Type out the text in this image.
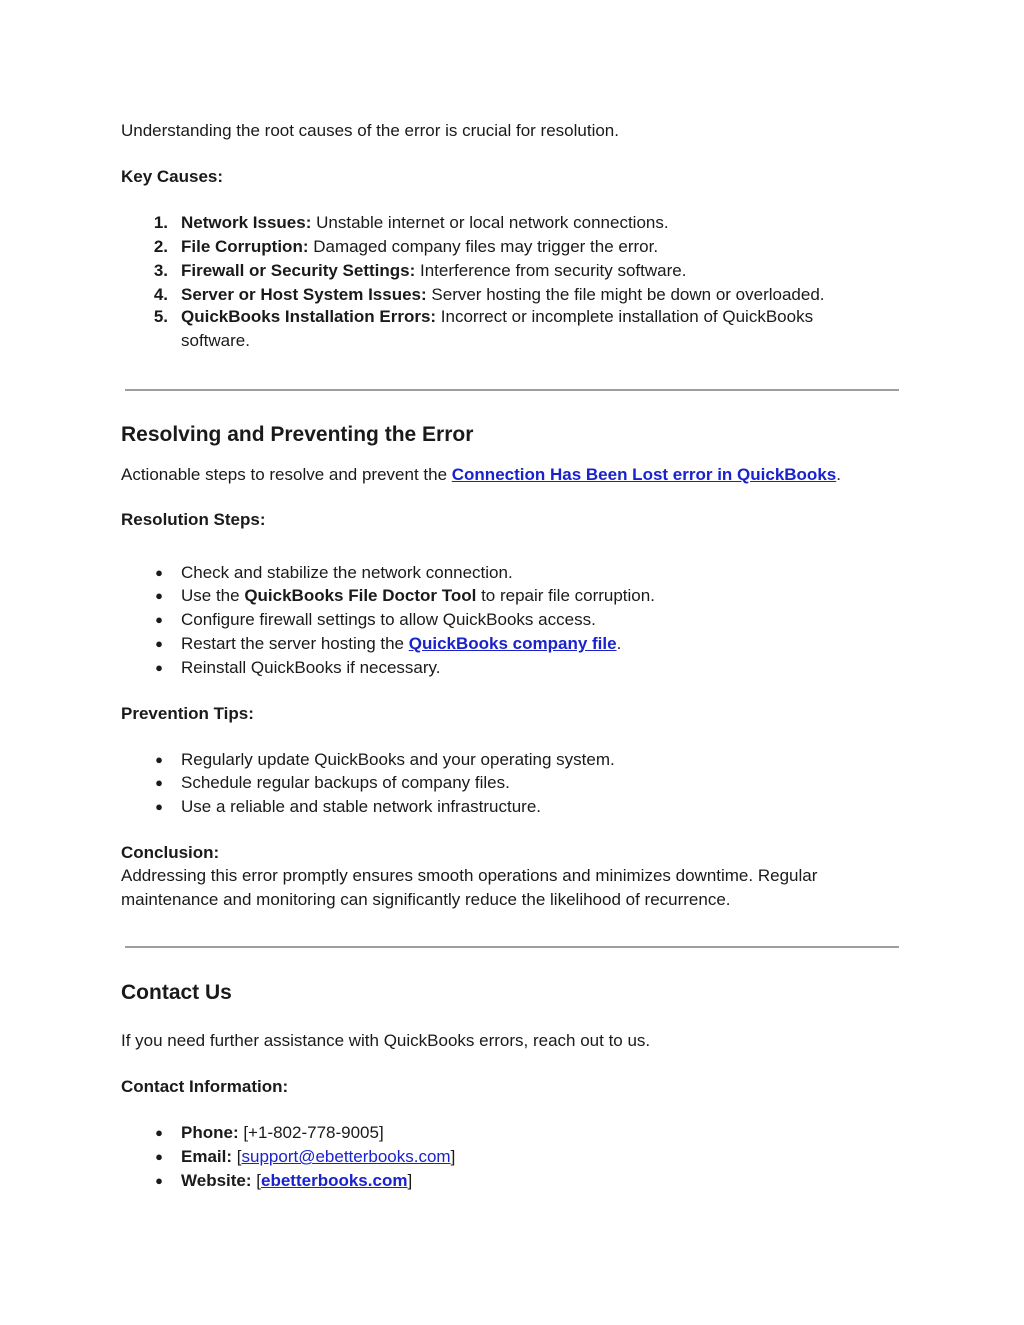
Understanding the root causes of the error is crucial for resolution.
Key Causes:
1. Network Issues: Unstable internet or local network connections.
2. File Corruption: Damaged company files may trigger the error.
3. Firewall or Security Settings: Interference from security software.
4. Server or Host System Issues: Server hosting the file might be down or overloaded.
5. QuickBooks Installation Errors: Incorrect or incomplete installation of QuickBooks
software.
Resolving and Preventing the Error
Actionable steps to resolve and prevent the Connection Has Been Lost error in QuickBooks.
Resolution Steps:
● Check and stabilize the network connection.
● Use the QuickBooks File Doctor Tool to repair file corruption.
● Configure firewall settings to allow QuickBooks access.
● Restart the server hosting the QuickBooks company file.
● Reinstall QuickBooks if necessary.
Prevention Tips:
● Regularly update QuickBooks and your operating system.
● Schedule regular backups of company files.
● Use a reliable and stable network infrastructure.
Conclusion:
Addressing this error promptly ensures smooth operations and minimizes downtime. Regular
maintenance and monitoring can significantly reduce the likelihood of recurrence.
Contact Us
If you need further assistance with QuickBooks errors, reach out to us.
Contact Information:
● Phone: [+1-802-778-9005]
● Email: [support@ebetterbooks.com]
● Website: [ebetterbooks.com]
